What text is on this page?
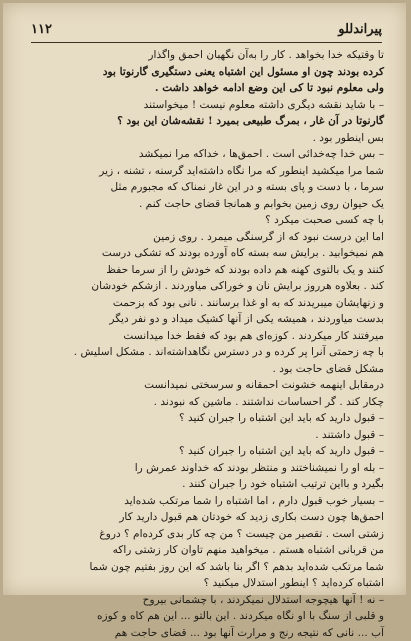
پیراندللو
۱۱۲
تا وقتیکه خدا بخواهد . کار را به‌آن نگهبان احمق واگذار
کرده بودند چون او مسئول این اشتباه یعنی دستگیری گارنوتا بود
ولی معلوم نبود تا کی این وضع ادامه خواهد داشت .
– با شاید نقشه دیگری داشته معلوم نیست ! میخواستند
گارنوتا در آن غار ، بمرگ طبیعی بمیرد ! نقشه‌شان این بود ؟
بس اینطور بود .
– بس خدا چه‌خدائی است . احمق‌ها ، خداکه مرا نمیکشد
شما مرا میکشید اینطور که مرا نگاه داشته‌اید گرسنه ، تشنه ، زیر
سرما ، با دست و پای بسته و در این غار نمناک که مجبورم مثل
یک حیوان روی زمین بخوابم و همانجا قضای حاجت کنم .
با چه کسی صحبت میکرد ؟
اما این درست نبود که از گرسنگی میمرد . روی زمین
هم نمیخوابید . برایش سه بسته کاه آورده بودند که تشکی درست
کنند و یک بالتوی کهنه هم داده بودند که خودش را از سرما حفظ
کند . بعلاوه هرروز برایش نان و خوراکی میاوردند . ازشکم خودشان
و زنهایشان میبریدند که به او غذا برسانند . نانی بود که بزحمت
بدست میاوردند ، همیشه یکی از آنها کشیک میداد و دو نفر دیگر
میرفتند کار میکردند . کوزه‌ای هم بود که فقط خدا میدانست
با چه زحمتی آنرا پر کرده و در دسترس نگاهداشته‌اند . مشکل اسلیش .
مشکل قضای حاجت بود .
درمقابل اینهمه خشونت احمقانه و سرسختی نمیدانست
چکار کند . گر احساسات نداشتند . ماشین که نبودند .
– قبول دارید که باید این اشتباه را جبران کنید ؟
– قبول داشتند .
– قبول دارید که باید این اشتباه را جبران کنید ؟
– بله او را نمیشناختند و منتظر بودند که خداوند عمرش را
بگیرد و بااین ترتیب اشتباه خود را جبران کنند .
– بسیار خوب قبول دارم ، اما اشتباه را شما مرتکب شده‌اید
احمق‌ها چون دست بکاری زدید که خودتان هم قبول دارید کار
زشتی است . تقصیر من چیست ؟ من چه کار بدی کرده‌ام ؟ دروغ
من قربانی اشتباه هستم . میخواهید منهم تاوان کار زشتی راکه
شما مرتکب شده‌اید بدهم ؟ اگر بنا باشد که این روز بفتیم چون شما
اشتباه کرده‌اید ؟ اینطور استدلال میکنید ؟
– نه ! آنها هیچوجه استدلال نمیکردند ، با چشمانی بیروح
و قلبی از سنگ با او نگاه میکردند . این بالتو ... این هم کاه و کوزه
آب ... نانی که نتیجه رنج و مرارت آنها بود ... قضای حاجت هم
